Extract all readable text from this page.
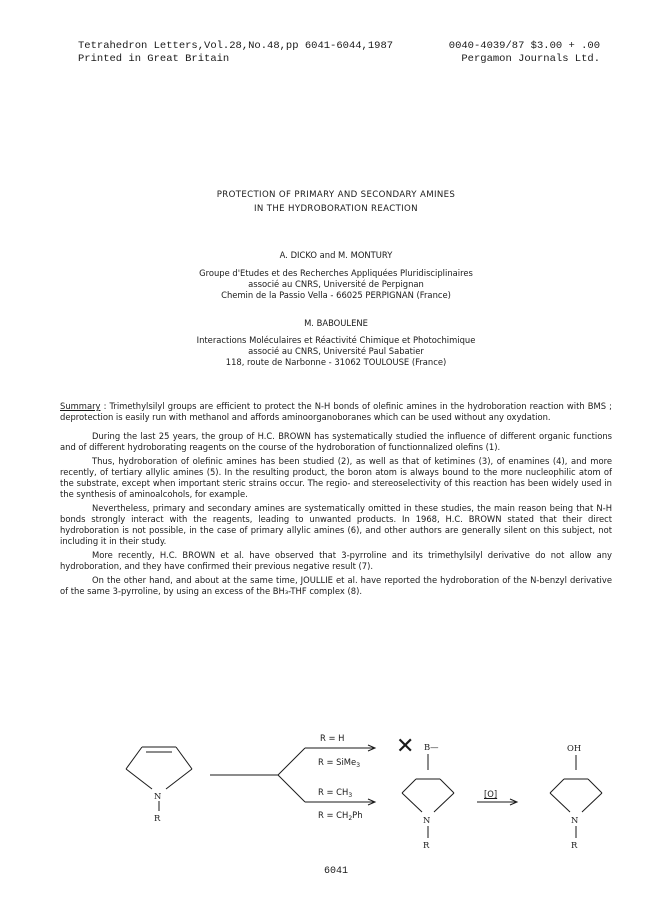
Tetrahedron Letters,Vol.28,No.48,pp 6041-6044,1987	0040-4039/87 $3.00 + .00
Printed in Great Britain	Pergamon Journals Ltd.
PROTECTION OF PRIMARY AND SECONDARY AMINES
IN THE HYDROBORATION REACTION
A. DICKO and M. MONTURY
Groupe d'Etudes et des Recherches Appliquées Pluridisciplinaires
associé au CNRS, Université de Perpignan
Chemin de la Passio Vella - 66025 PERPIGNAN (France)
M. BABOULENE
Interactions Moléculaires et Réactivité Chimique et Photochimique
associé au CNRS, Université Paul Sabatier
118, route de Narbonne - 31062 TOULOUSE (France)

Summary : Trimethylsilyl groups are efficient to protect the N-H bonds of olefinic amines in the hydroboration reaction with BMS ; deprotection is easily run with methanol and affords aminoorganoboranes which can be used without any oxydation.

During the last 25 years, the group of H.C. BROWN has systematically studied the influence of different organic functions and of different hydroborating reagents on the course of the hydroboration of functionnalized olefins (1).

Thus, hydroboration of olefinic amines has been studied (2), as well as that of ketimines (3), of enamines (4), and more recently, of tertiary allylic amines (5). In the resulting product, the boron atom is always bound to the more nucleophilic atom of the substrate, except when important steric strains occur. The regio- and stereoselectivity of this reaction has been widely used in the synthesis of aminoalcohols, for example.

Nevertheless, primary and secondary amines are systematically omitted in these studies, the main reason being that N-H bonds strongly interact with the reagents, leading to unwanted products. In 1968, H.C. BROWN stated that their direct hydroboration is not possible, in the case of primary allylic amines (6), and other authors are generally silent on this subject, not including it in their study.

More recently, H.C. BROWN et al. have observed that 3-pyrroline and its trimethylsilyl derivative do not allow any hydroboration, and they have confirmed their previous negative result (7).

On the other hand, and about at the same time, JOULLIE et al. have reported the hydroboration of the N-benzyl derivative of the same 3-pyrroline, by using an excess of the BH₃-THF complex (8).

R = H
R = SiMe$_3$
$R = CH_3$
$R = CH_2Ph$
✕
N
R
B—
N
R
[O]
OH
N
R
6041
